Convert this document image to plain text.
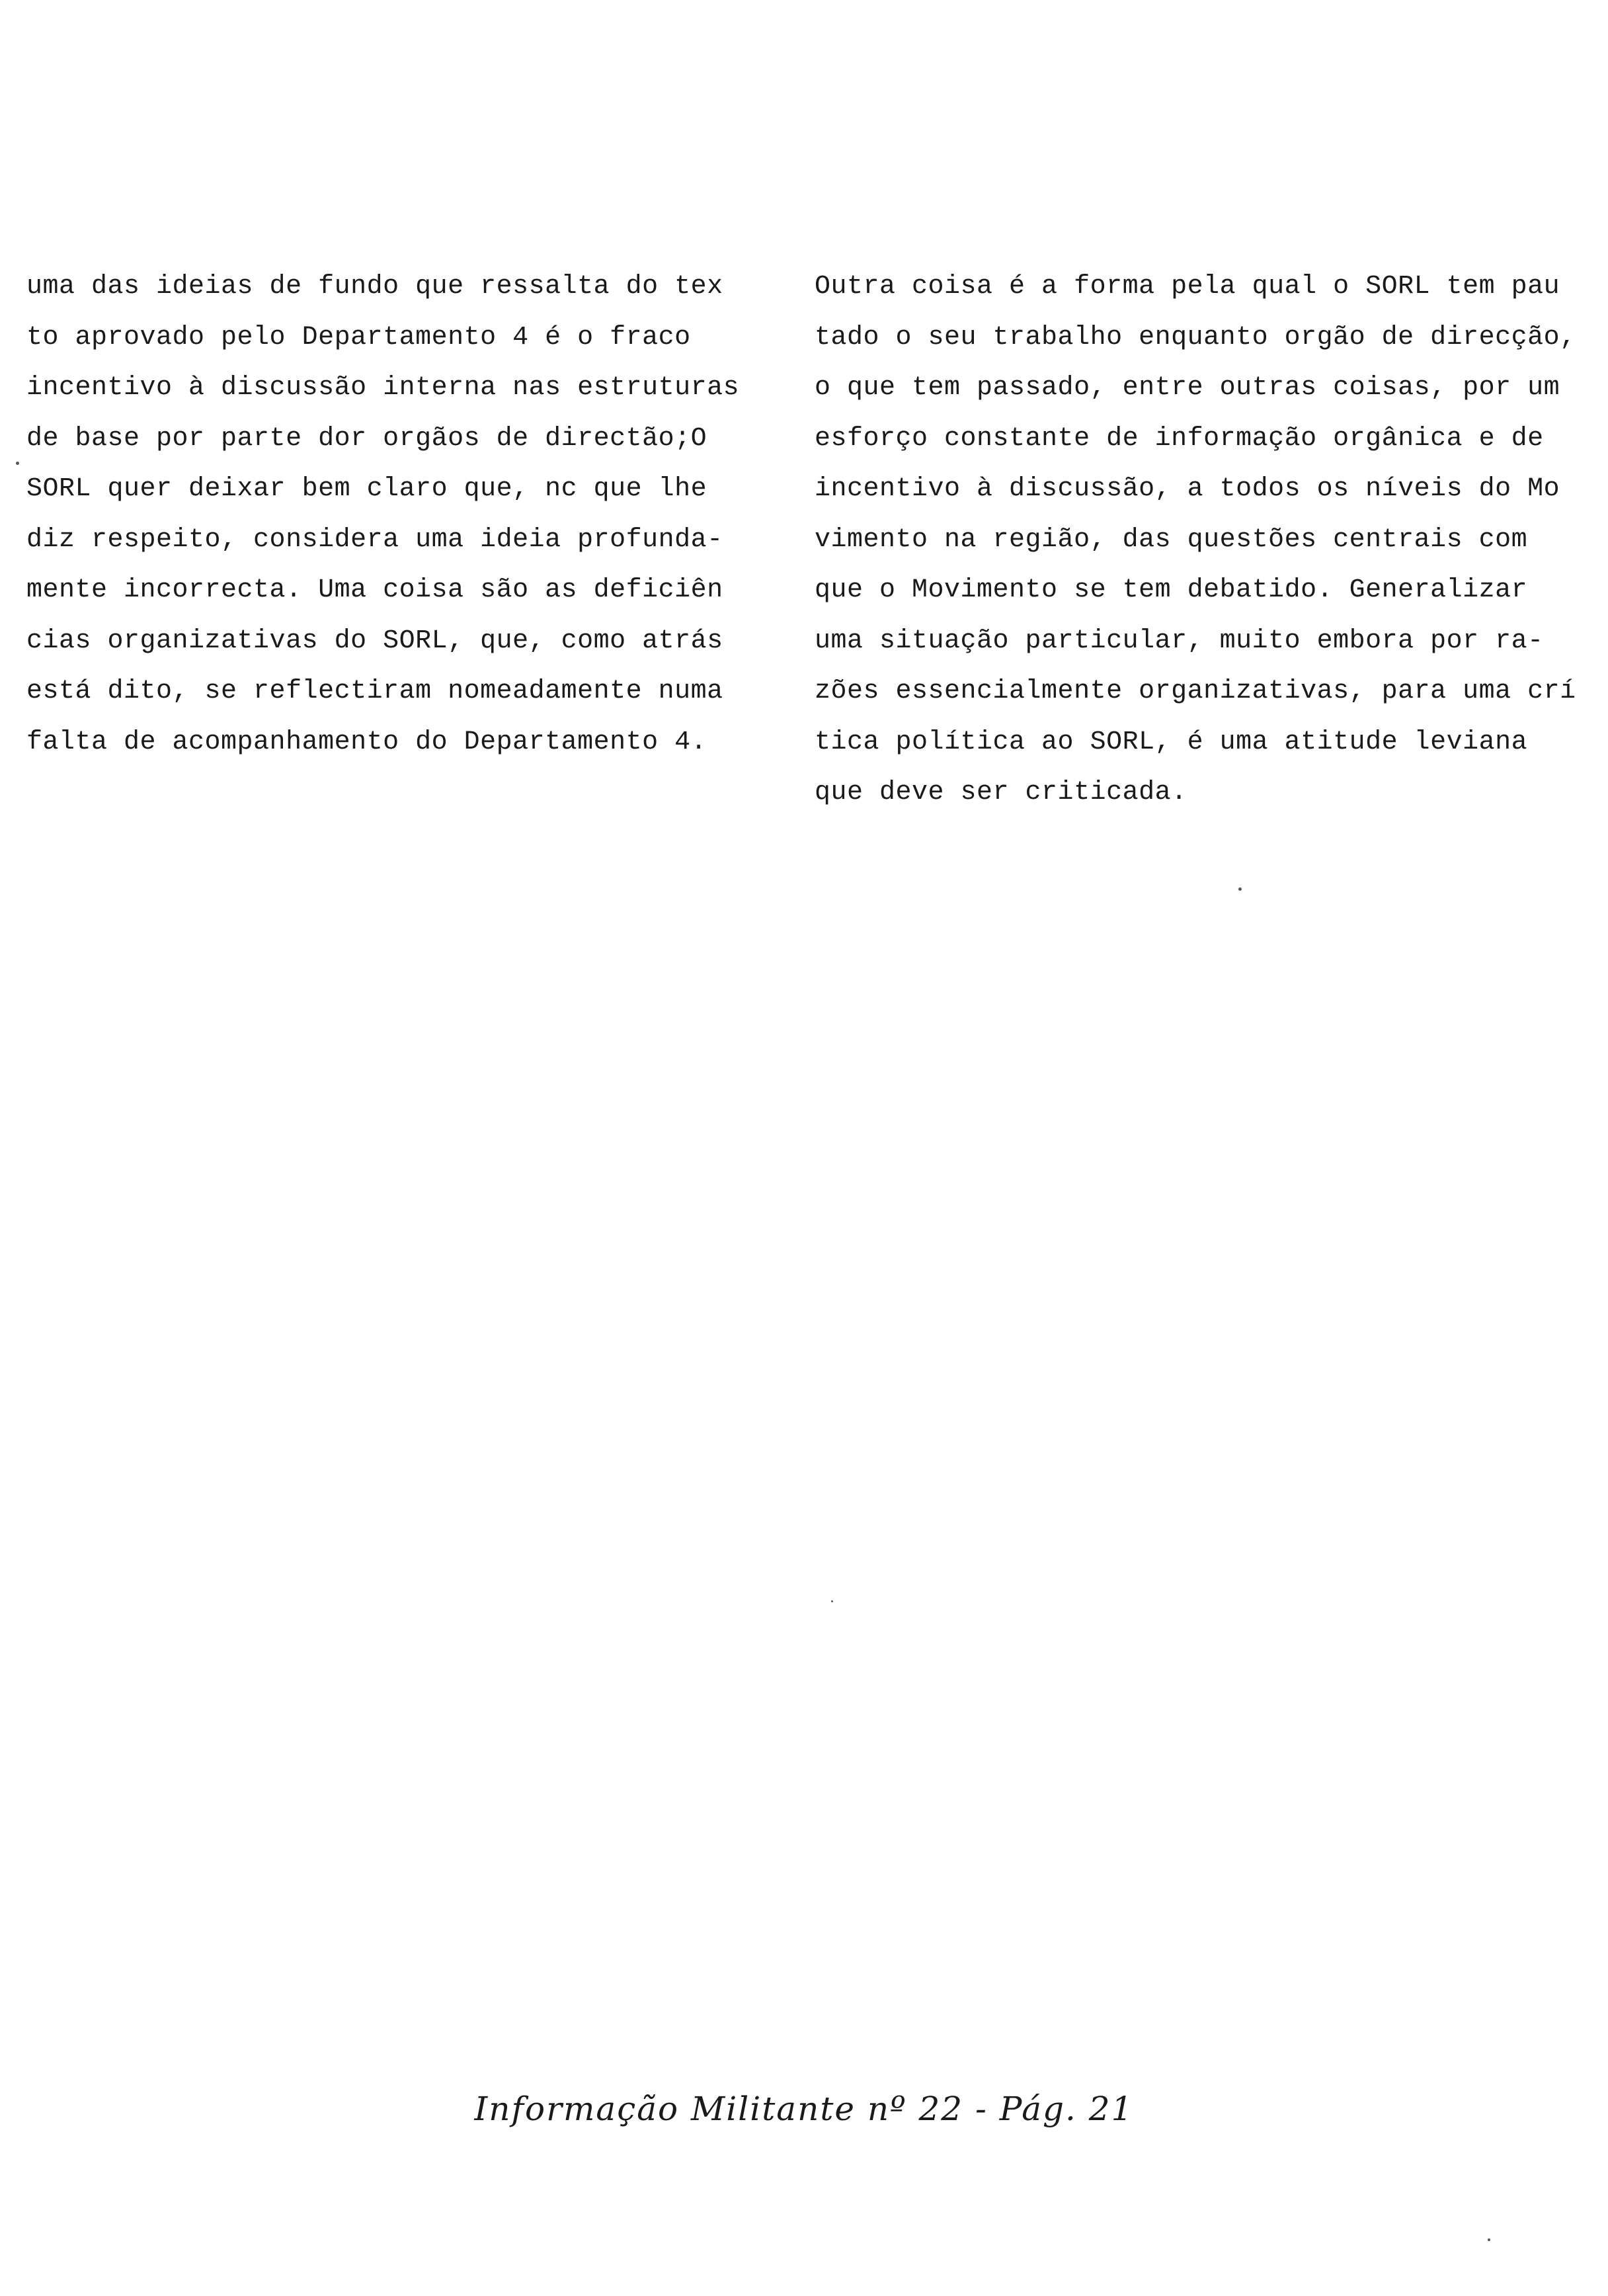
uma das ideias de fundo que ressalta do tex
to aprovado pelo Departamento 4 é o fraco
incentivo à discussão interna nas estruturas
de base por parte dor orgãos de directão;O
SORL quer deixar bem claro que, nc que lhe
diz respeito, considera uma ideia profunda-
mente incorrecta. Uma coisa são as deficiên
cias organizativas do SORL, que, como atrás
está dito, se reflectiram nomeadamente numa
falta de acompanhamento do Departamento 4.
Outra coisa é a forma pela qual o SORL tem pau
tado o seu trabalho enquanto orgão de direcção,
o que tem passado, entre outras coisas, por um
esforço constante de informação orgânica e de
incentivo à discussão, a todos os níveis do Mo
vimento na região, das questões centrais com
que o Movimento se tem debatido. Generalizar
uma situação particular, muito embora por ra-
zões essencialmente organizativas, para uma crí
tica política ao SORL, é uma atitude leviana
que deve ser criticada.
Informação Militante nº 22 - Pág. 21
